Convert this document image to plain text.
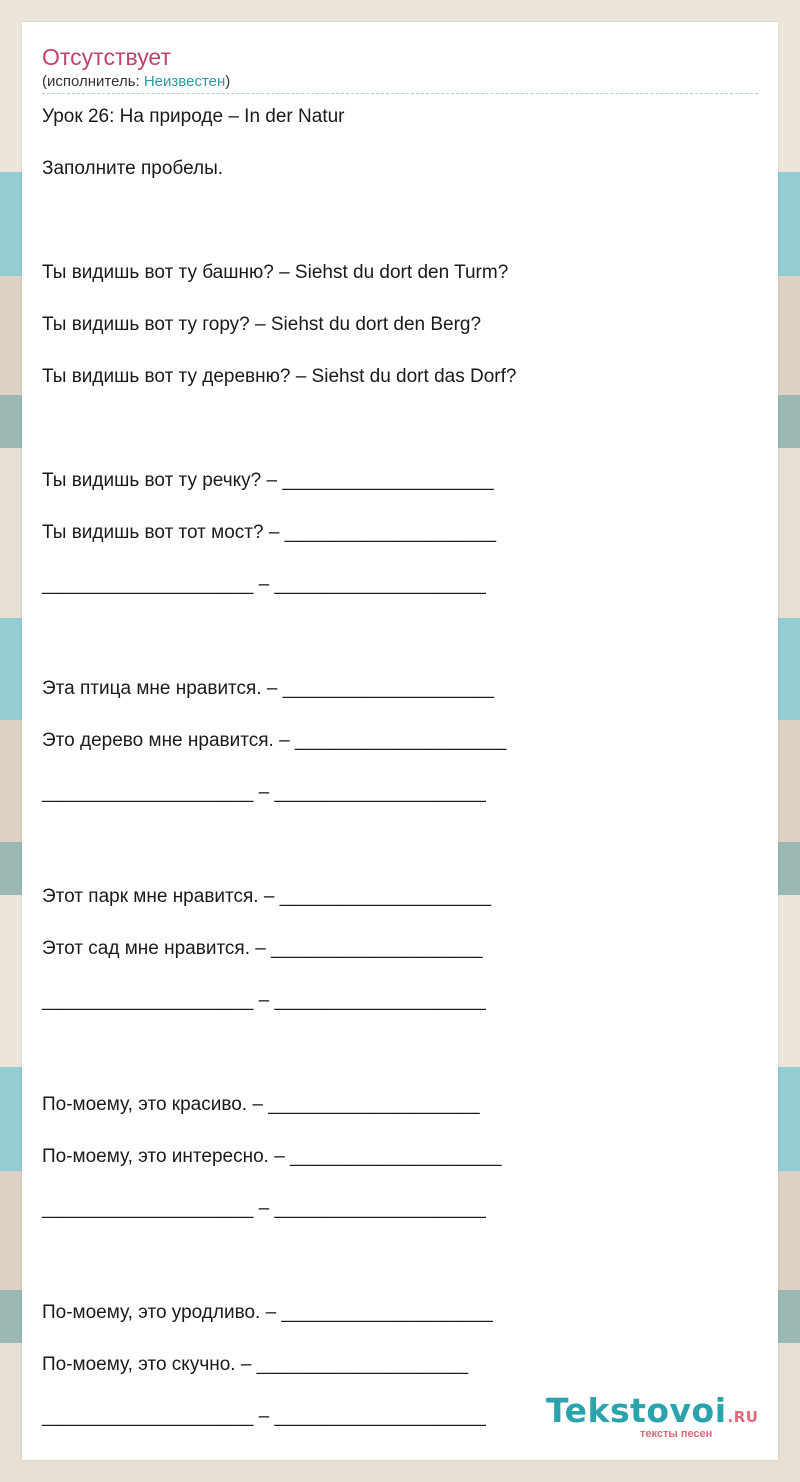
Отсутствует
(исполнитель: Неизвестен)
Урок 26: На природе – In der Natur
Заполните пробелы.
Ты видишь вот ту башню? – Siehst du dort den Turm?
Ты видишь вот ту гору? – Siehst du dort den Berg?
Ты видишь вот ту деревню? – Siehst du dort das Dorf?
Ты видишь вот ту речку? – ____________________
Ты видишь вот тот мост? – ____________________
____________________ – ____________________
Эта птица мне нравится. – ____________________
Это дерево мне нравится. – ____________________
____________________ – ____________________
Этот парк мне нравится. – ____________________
Этот сад мне нравится. – ____________________
____________________ – ____________________
По-моему, это красиво. – ____________________
По-моему, это интересно. – ____________________
____________________ – ____________________
По-моему, это уродливо. – ____________________
По-моему, это скучно. – ____________________
____________________ – ____________________	Tekstovoi.RU
тексты песен
